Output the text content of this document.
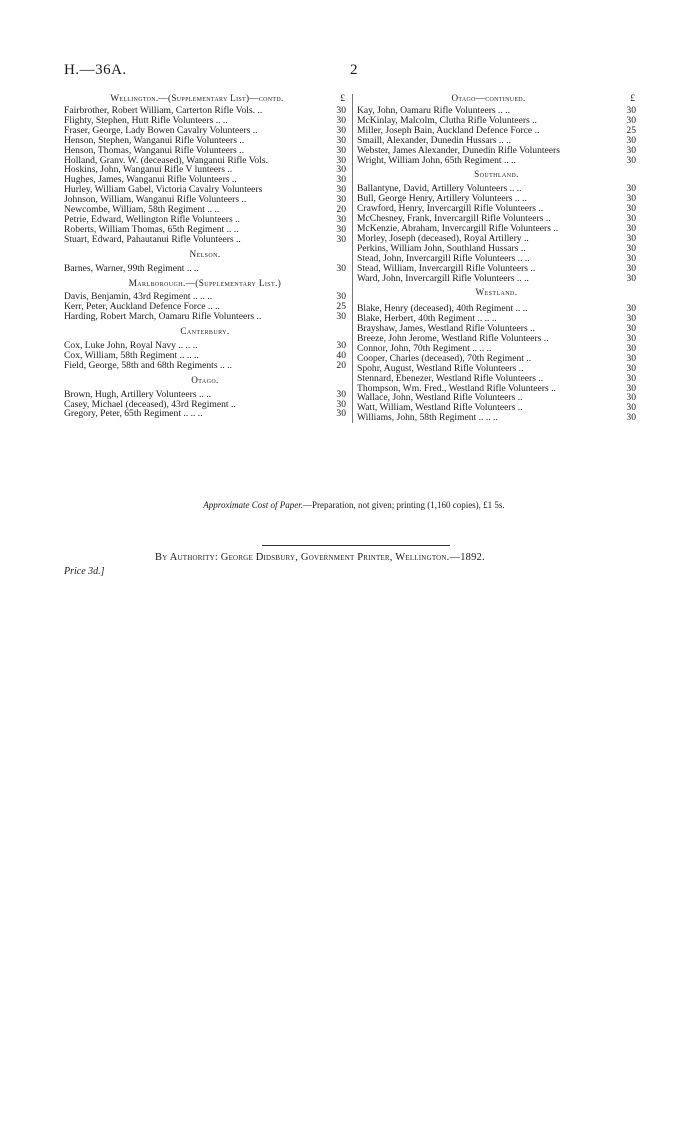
H.—36A.	2
Wellington.—(Supplementary List)—contd.	£
Fairbrother, Robert William, Carterton Rifle Vols. ..	30
Flighty, Stephen, Hutt Rifle Volunteers .. ..	30
Fraser, George, Lady Bowen Cavalry Volunteers ..	30
Henson, Stephen, Wanganui Rifle Volunteers ..	30
Henson, Thomas, Wanganui Rifle Volunteers ..	30
Holland, Granv. W. (deceased), Wanganui Rifle Vols.	30
Hoskins, John, Wanganui Rifle V lunteers ..	30
Hughes, James, Wanganui Rifle Volunteers ..	30
Hurley, William Gabel, Victoria Cavalry Volunteers	30
Johnson, William, Wanganui Rifle Volunteers ..	30
Newcombe, William, 58th Regiment .. ..	20
Petrie, Edward, Wellington Rifle Volunteers ..	30
Roberts, William Thomas, 65th Regiment .. ..	30
Stuart, Edward, Pahautanui Rifle Volunteers ..	30
Nelson.
Barnes, Warner, 99th Regiment .. ..	30
Marlborough.—(Supplementary List.)
Davis, Benjamin, 43rd Regiment .. .. ..	30
Kerr, Peter, Auckland Defence Force .. ..	25
Harding, Robert March, Oamaru Rifle Volunteers ..	30
Canterbury.
Cox, Luke John, Royal Navy .. .. ..	30
Cox, William, 58th Regiment .. .. ..	40
Field, George, 58th and 68th Regiments .. ..	20
Otago.
Brown, Hugh, Artillery Volunteers .. ..	30
Casey, Michael (deceased), 43rd Regiment ..	30
Gregory, Peter, 65th Regiment .. .. ..	30
Otago—continued.	£
Kay, John, Oamaru Rifle Volunteers .. ..	30
McKinlay, Malcolm, Clutha Rifle Volunteers ..	30
Miller, Joseph Bain, Auckland Defence Force ..	25
Smaill, Alexander, Dunedin Hussars .. ..	30
Webster, James Alexander, Dunedin Rifle Volunteers	30
Wright, William John, 65th Regiment .. ..	30
Southland.
Ballantyne, David, Artillery Volunteers .. ..	30
Bull, George Henry, Artillery Volunteers .. ..	30
Crawford, Henry, Invercargill Rifle Volunteers ..	30
McChesney, Frank, Invercargill Rifle Volunteers ..	30
McKenzie, Abraham, Invercargill Rifle Volunteers ..	30
Morley, Joseph (deceased), Royal Artillery ..	30
Perkins, William John, Southland Hussars ..	30
Stead, John, Invercargill Rifle Volunteers .. ..	30
Stead, William, Invercargill Rifle Volunteers ..	30
Ward, John, Invercargill Rifle Volunteers .. ..	30
Westland.
Blake, Henry (deceased), 40th Regiment .. ..	30
Blake, Herbert, 40th Regiment .. .. ..	30
Brayshaw, James, Westland Rifle Volunteers ..	30
Breeze, John Jerome, Westland Rifle Volunteers ..	30
Connor, John, 70th Regiment .. .. ..	30
Cooper, Charles (deceased), 70th Regiment ..	30
Spohr, August, Westland Rifle Volunteers ..	30
Stennard, Ebenezer, Westland Rifle Volunteers ..	30
Thompson, Wm. Fred., Westland Rifle Volunteers ..	30
Wallace, John, Westland Rifle Volunteers ..	30
Watt, William, Westland Rifle Volunteers ..	30
Williams, John, 58th Regiment .. .. ..	30
Approximate Cost of Paper.—Preparation, not given; printing (1,160 copies), £1 5s.
By Authority: George Didsbury, Government Printer, Wellington.—1892.
Price 3d.]
